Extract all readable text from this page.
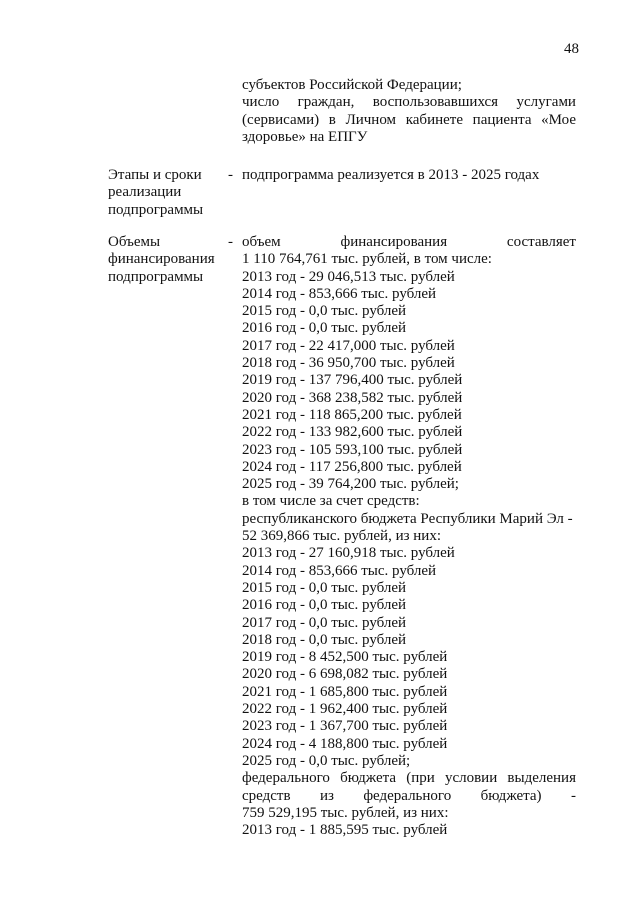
48
субъектов Российской Федерации;
число граждан, воспользовавшихся услугами
(сервисами) в Личном кабинете пациента «Мое
здоровье» на ЕПГУ
Этапы и сроки
реализации
подпрограммы
- подпрограмма реализуется в 2013 - 2025 годах
Объемы
финансирования
подпрограммы
- объем	финансирования	составляет
1 110 764,761 тыс. рублей, в том числе:
2013 год - 29 046,513 тыс. рублей
2014 год - 853,666 тыс. рублей
2015 год - 0,0 тыс. рублей
2016 год - 0,0 тыс. рублей
2017 год - 22 417,000 тыс. рублей
2018 год - 36 950,700 тыс. рублей
2019 год - 137 796,400 тыс. рублей
2020 год - 368 238,582 тыс. рублей
2021 год - 118 865,200 тыс. рублей
2022 год - 133 982,600 тыс. рублей
2023 год - 105 593,100 тыс. рублей
2024 год - 117 256,800 тыс. рублей
2025 год - 39 764,200 тыс. рублей;
в том числе за счет средств:
республиканского бюджета Республики Марий Эл -
52 369,866 тыс. рублей, из них:
2013 год - 27 160,918 тыс. рублей
2014 год - 853,666 тыс. рублей
2015 год - 0,0 тыс. рублей
2016 год - 0,0 тыс. рублей
2017 год - 0,0 тыс. рублей
2018 год - 0,0 тыс. рублей
2019 год - 8 452,500 тыс. рублей
2020 год - 6 698,082 тыс. рублей
2021 год - 1 685,800 тыс. рублей
2022 год - 1 962,400 тыс. рублей
2023 год - 1 367,700 тыс. рублей
2024 год - 4 188,800 тыс. рублей
2025 год - 0,0 тыс. рублей;
федерального бюджета (при условии выделения
средств из федерального бюджета) -
759 529,195 тыс. рублей, из них:
2013 год - 1 885,595 тыс. рублей
